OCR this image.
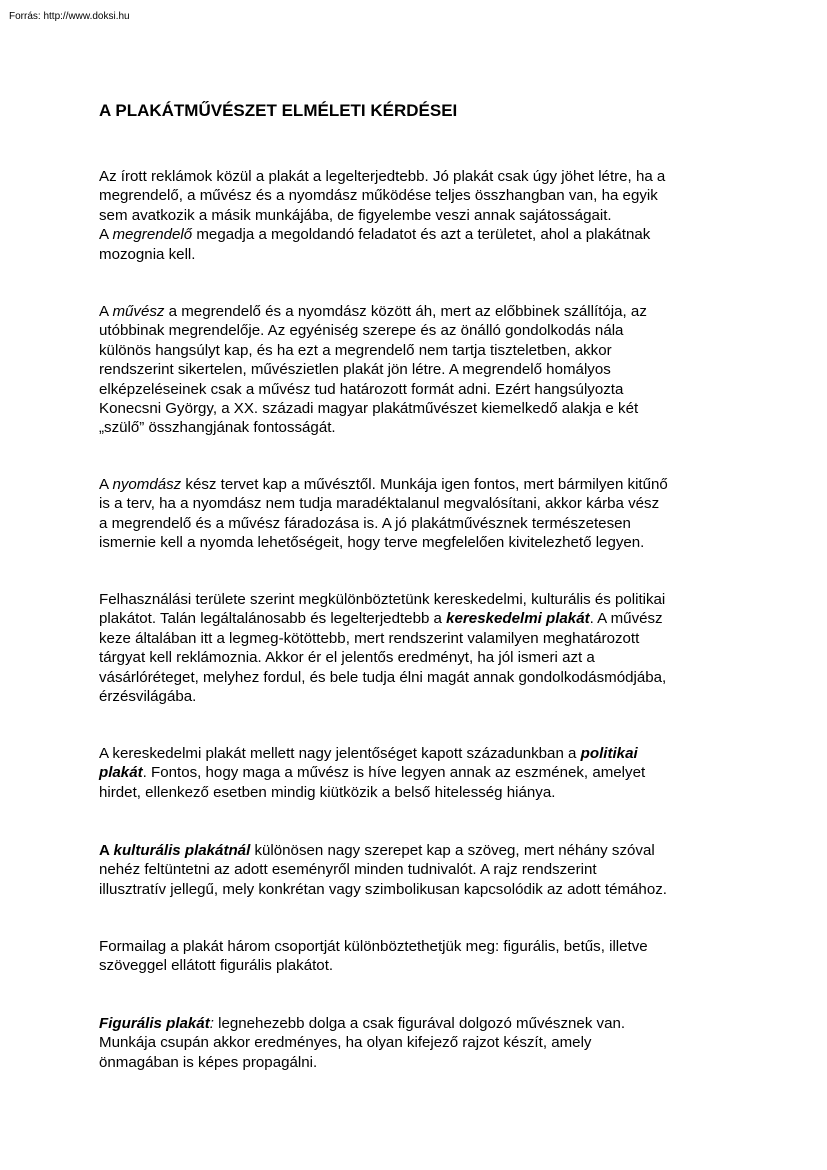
Forrás: http://www.doksi.hu
A PLAKÁTMŰVÉSZET ELMÉLETI KÉRDÉSEI

Az írott reklámok közül a plakát a legelterjedtebb. Jó plakát csak úgy jöhet létre, ha a
megrendelő, a művész és a nyomdász működése teljes összhangban van, ha egyik
sem avatkozik a másik munkájába, de figyelembe veszi annak sajátosságait.
A megrendelő megadja a megoldandó feladatot és azt a területet, ahol a plakátnak
mozognia kell.

A művész a megrendelő és a nyomdász között áh, mert az előbbinek szállítója, az
utóbbinak megrendelője. Az egyéniség szerepe és az önálló gondolkodás nála
különös hangsúlyt kap, és ha ezt a megrendelő nem tartja tiszteletben, akkor
rendszerint sikertelen, művészietlen plakát jön létre. A megrendelő homályos
elképzeléseinek csak a művész tud határozott formát adni. Ezért hangsúlyozta
Konecsni György, a XX. századi magyar plakátművészet kiemelkedő alakja e két
„szülő” összhangjának fontosságát.

A nyomdász kész tervet kap a művésztől. Munkája igen fontos, mert bármilyen kitűnő
is a terv, ha a nyomdász nem tudja maradéktalanul megvalósítani, akkor kárba vész
a megrendelő és a művész fáradozása is. A jó plakátművésznek természetesen
ismernie kell a nyomda lehetőségeit, hogy terve megfelelően kivitelezhető legyen.

Felhasználási területe szerint megkülönböztetünk kereskedelmi, kulturális és politikai
plakátot. Talán legáltalánosabb és legelterjedtebb a kereskedelmi plakát. A művész
keze általában itt a legmeg-kötöttebb, mert rendszerint valamilyen meghatározott
tárgyat kell reklámoznia. Akkor ér el jelentős eredményt, ha jól ismeri azt a
vásárlóréteget, melyhez fordul, és bele tudja élni magát annak gondolkodásmódjába,
érzésvilágába.

A kereskedelmi plakát mellett nagy jelentőséget kapott századunkban a politikai
plakát. Fontos, hogy maga a művész is híve legyen annak az eszmének, amelyet
hirdet, ellenkező esetben mindig kiütközik a belső hitelesség hiánya.

A kulturális plakátnál különösen nagy szerepet kap a szöveg, mert néhány szóval
nehéz feltüntetni az adott eseményről minden tudnivalót. A rajz rendszerint
illusztratív jellegű, mely konkrétan vagy szimbolikusan kapcsolódik az adott témához.

Formailag a plakát három csoportját különböztethetjük meg: figurális, betűs, illetve
szöveggel ellátott figurális plakátot.

Figurális plakát: legnehezebb dolga a csak figurával dolgozó művésznek van.
Munkája csupán akkor eredményes, ha olyan kifejező rajzot készít, amely
önmagában is képes propagálni.
